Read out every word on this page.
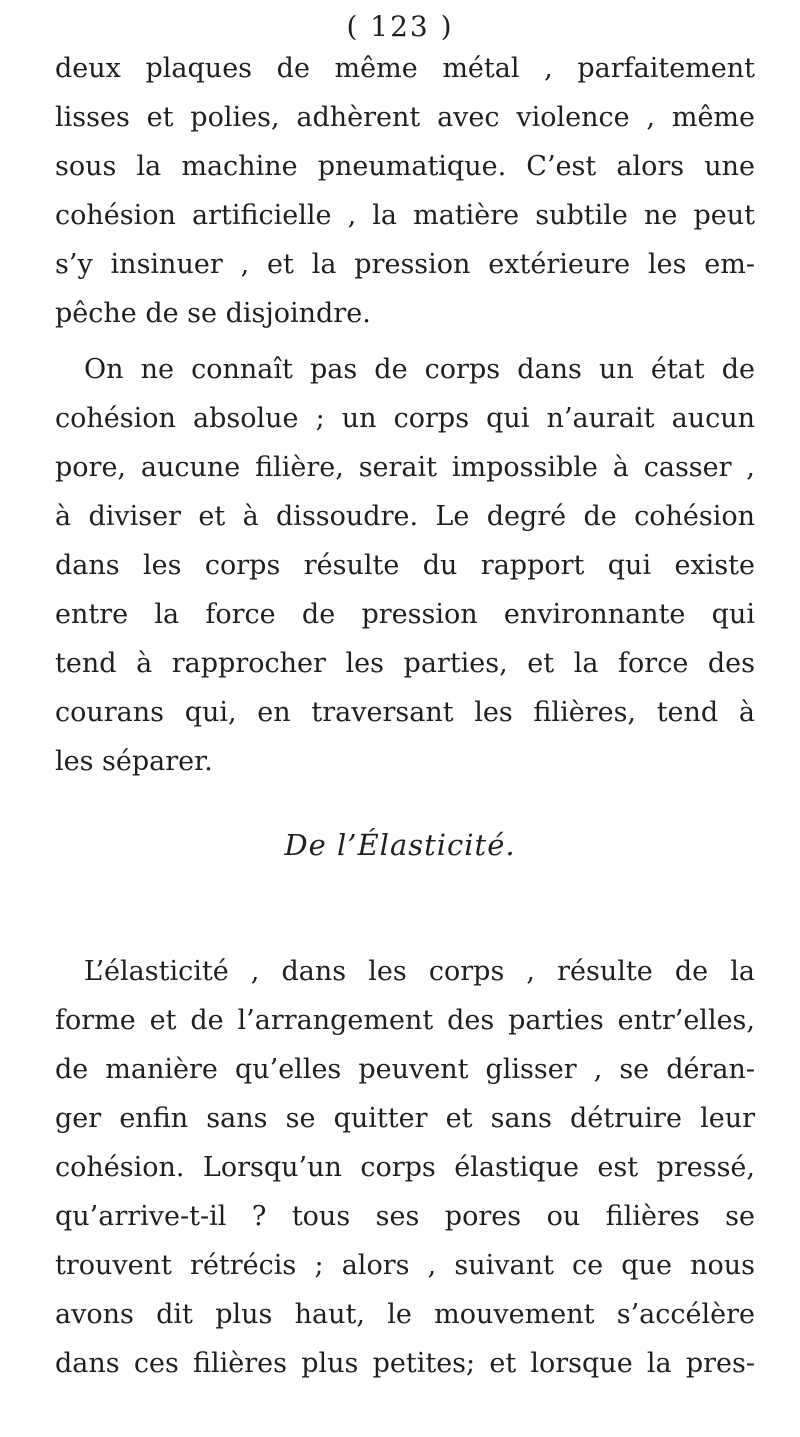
( 123 )
deux plaques de même métal , parfaitement
lisses et polies, adhèrent avec violence , même
sous la machine pneumatique. C’est alors une
cohésion artificielle , la matière subtile ne peut
s’y insinuer , et la pression extérieure les em-
pêche de se disjoindre.
On ne connaît pas de corps dans un état de
cohésion absolue ; un corps qui n’aurait aucun
pore, aucune filière, serait impossible à casser ,
à diviser et à dissoudre. Le degré de cohésion
dans les corps résulte du rapport qui existe
entre la force de pression environnante qui
tend à rapprocher les parties, et la force des
courans qui, en traversant les filières, tend à
les séparer.
De l’Élasticité.
L’élasticité , dans les corps , résulte de la
forme et de l’arrangement des parties entr’elles,
de manière qu’elles peuvent glisser , se déran-
ger enfin sans se quitter et sans détruire leur
cohésion. Lorsqu’un corps élastique est pressé,
qu’arrive-t-il ? tous ses pores ou filières se
trouvent rétrécis ; alors , suivant ce que nous
avons dit plus haut, le mouvement s’accélère
dans ces filières plus petites; et lorsque la pres-
